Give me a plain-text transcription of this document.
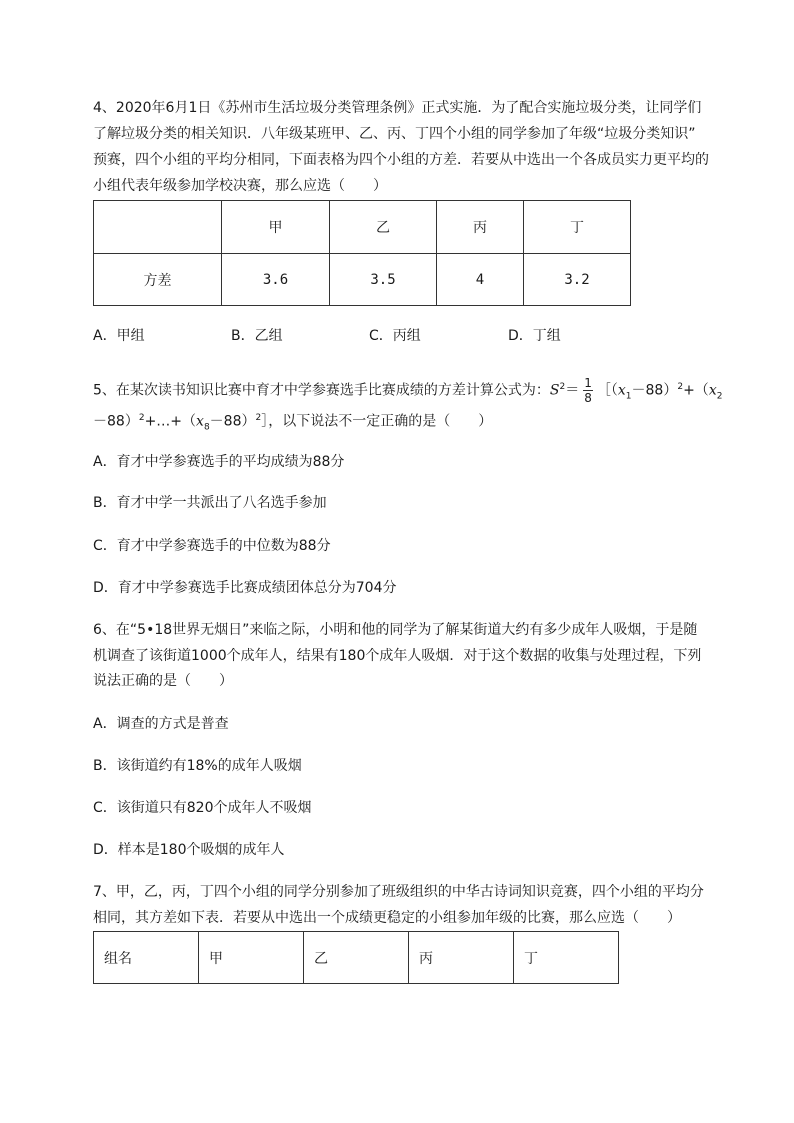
4、2020年6月1日《苏州市生活垃圾分类管理条例》正式实施．为了配合实施垃圾分类，让同学们
了解垃圾分类的相关知识．八年级某班甲、乙、丙、丁四个小组的同学参加了年级“垃圾分类知识”
预赛，四个小组的平均分相同，下面表格为四个小组的方差．若要从中选出一个各成员实力更平均的
小组代表年级参加学校决赛，那么应选（　　）
	甲	乙	丙	丁
方差	3.6	3.5	4	3.2
A．甲组	B．乙组	C．丙组	D．丁组
5、在某次读书知识比赛中育才中学参赛选手比赛成绩的方差计算公式为：$S^2= \frac{1}{8}$ $[(x_1-88)^2+(x_2$
$-88)^2+\dots+(x_8-88)^2]$，以下说法不一定正确的是（　　）
A．育才中学参赛选手的平均成绩为88分
B．育才中学一共派出了八名选手参加
C．育才中学参赛选手的中位数为88分
D．育才中学参赛选手比赛成绩团体总分为704分
6、在“5•18世界无烟日”来临之际，小明和他的同学为了解某街道大约有多少成年人吸烟，于是随
机调查了该街道1000个成年人，结果有180个成年人吸烟．对于这个数据的收集与处理过程，下列
说法正确的是（　　）
A．调查的方式是普查
B．该街道约有18%的成年人吸烟
C．该街道只有820个成年人不吸烟
D．样本是180个吸烟的成年人
7、甲，乙，丙，丁四个小组的同学分别参加了班级组织的中华古诗词知识竞赛，四个小组的平均分
相同，其方差如下表．若要从中选出一个成绩更稳定的小组参加年级的比赛，那么应选（　　）
组名	甲	乙	丙	丁
